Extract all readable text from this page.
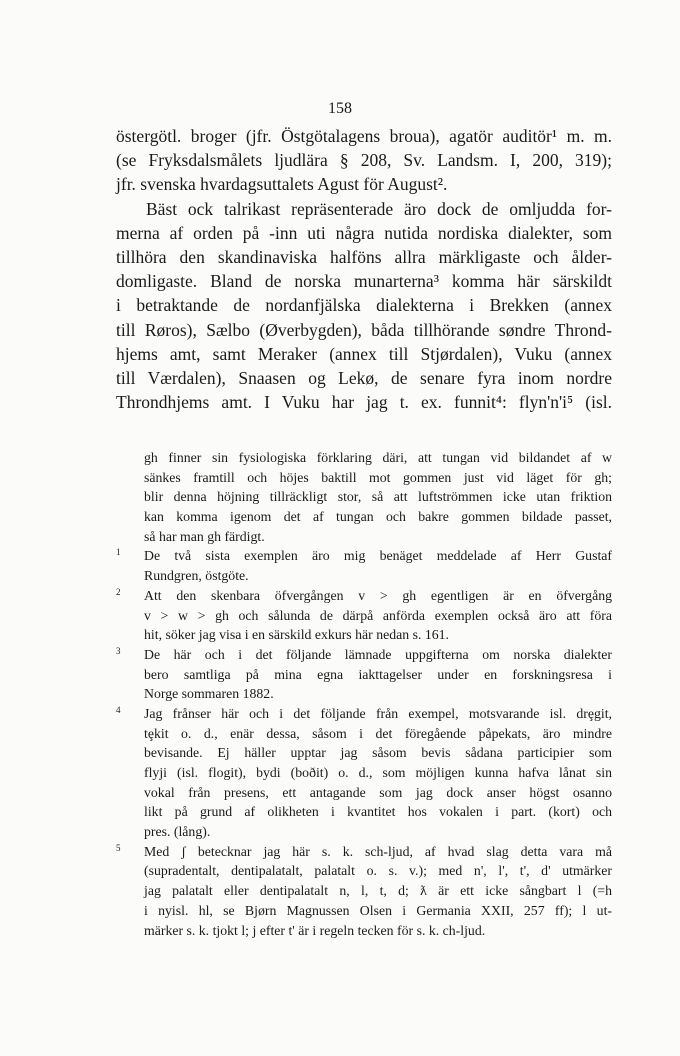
158
östergötl. broger (jfr. Östgötalagens broua), agatör auditör¹ m. m.
(se Fryksdalsmålets ljudlära § 208, Sv. Landsm. I, 200, 319);
jfr. svenska hvardagsuttalets Agust för August².
Bäst ock talrikast repräsenterade äro dock de omljudda for-
merna af orden på -inn uti några nutida nordiska dialekter, som
tillhöra den skandinaviska halföns allra märkligaste och ålder-
domligaste. Bland de norska munarterna³ komma här särskildt
i betraktande de nordanfjälska dialekterna i Brekken (annex
till Røros), Sælbo (Øverbygden), båda tillhörande søndre Thrond-
hjems amt, samt Meraker (annex till Stjørdalen), Vuku (annex
till Værdalen), Snaasen og Lekø, de senare fyra inom nordre
Throndhjems amt. I Vuku har jag t. ex. funnit⁴: flyn'n'i⁵ (isl.
gh finner sin fysiologiska förklaring däri, att tungan vid bildandet af w
sänkes framtill och höjes baktill mot gommen just vid läget för gh;
blir denna höjning tillräckligt stor, så att luftströmmen icke utan friktion
kan komma igenom det af tungan och bakre gommen bildade passet,
så har man gh färdigt.
1	De två sista exemplen äro mig benäget meddelade af Herr Gustaf
Rundgren, östgöte.
2	Att den skenbara öfvergången v > gh egentligen är en öfvergång
v > w > gh och sålunda de därpå anförda exemplen också äro att föra
hit, söker jag visa i en särskild exkurs här nedan s. 161.
3	De här och i det följande lämnade uppgifterna om norska dialekter
bero samtliga på mina egna iakttagelser under en forskningsresa i
Norge sommaren 1882.
4	Jag frånser här och i det följande från exempel, motsvarande isl. drȩgit,
tȩkit o. d., enär dessa, såsom i det föregående påpekats, äro mindre
bevisande. Ej häller upptar jag såsom bevis sådana participier som
flyji (isl. flogit), bydi (boðit) o. d., som möjligen kunna hafva lånat sin
vokal från presens, ett antagande som jag dock anser högst osanno
likt på grund af olikheten i kvantitet hos vokalen i part. (kort) och
pres. (lång).
5	Med ʃ betecknar jag här s. k. sch-ljud, af hvad slag detta vara må
(supradentalt, dentipalatalt, palatalt o. s. v.); med n', l', t', d' utmärker
jag palatalt eller dentipalatalt n, l, t, d; ƛ är ett icke sångbart l (=h
i nyisl. hl, se Bjørn Magnussen Olsen i Germania XXII, 257 ff); l ut-
märker s. k. tjokt l; j efter t' är i regeln tecken för s. k. ch-ljud.
